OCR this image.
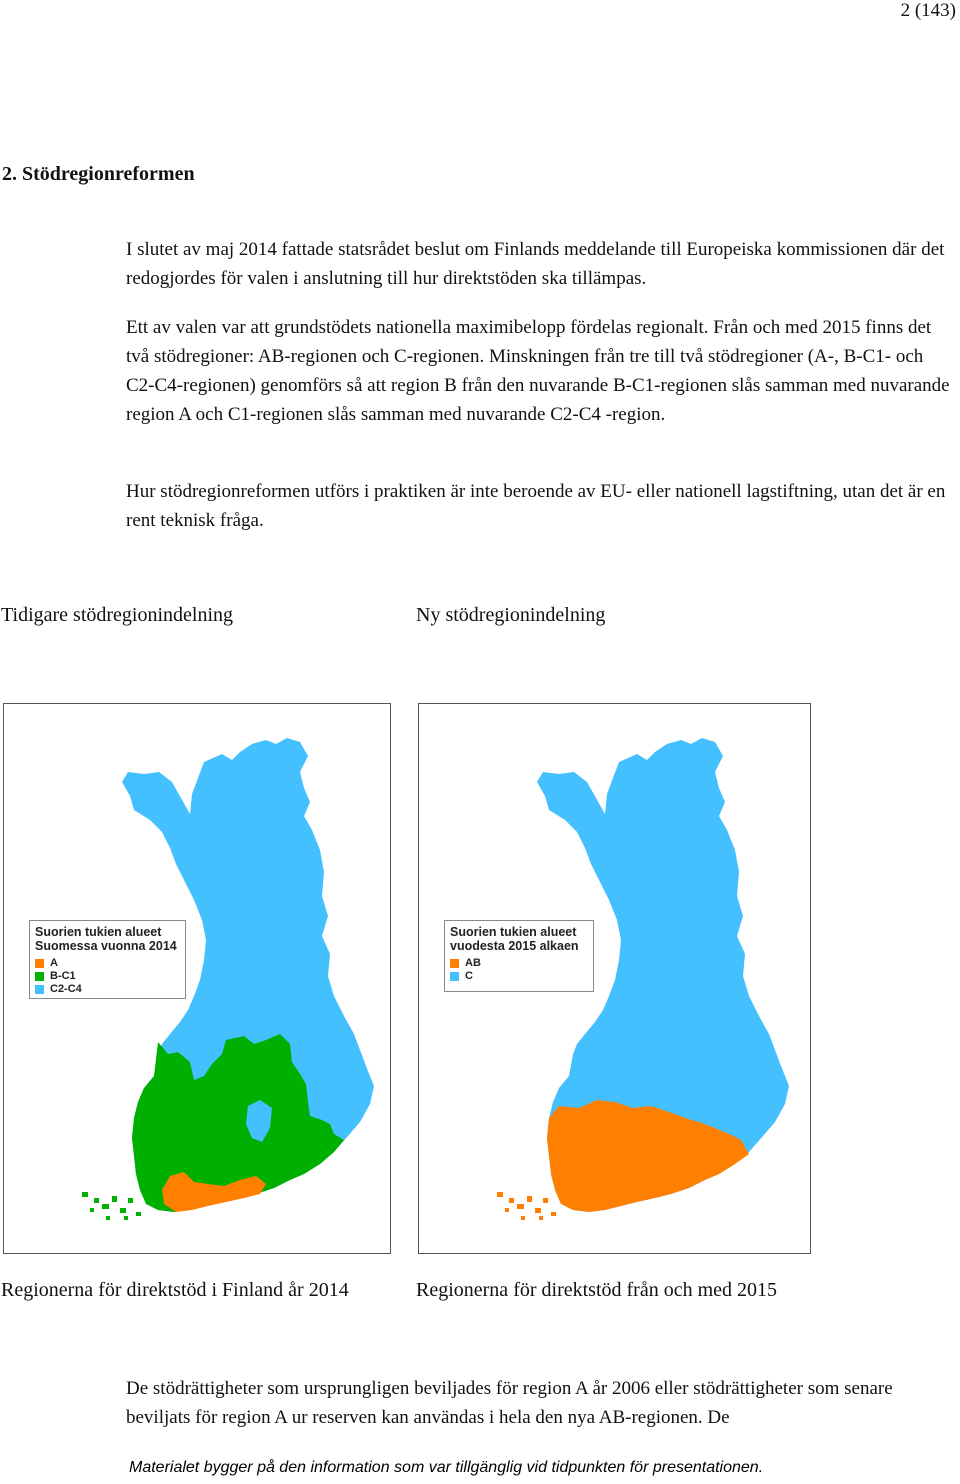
2 (143)
2. Stödregionreformen
I slutet av maj 2014 fattade statsrådet beslut om Finlands meddelande till Europeiska kommissionen där det redogjordes för valen i anslutning till hur direktstöden ska tillämpas.
Ett av valen var att grundstödets nationella maximibelopp fördelas regionalt. Från och med 2015 finns det två stödregioner: AB-regionen och C-regionen. Minskningen från tre till två stödregioner (A-, B-C1- och C2-C4-regionen) genomförs så att region B från den nuvarande B-C1-regionen slås samman med nuvarande region A och C1-regionen slås samman med nuvarande C2-C4 -region.
Hur stödregionreformen utförs i praktiken är inte beroende av EU- eller nationell lagstiftning, utan det är en rent teknisk fråga.
Tidigare stödregionindelning	Ny stödregionindelning
Suorien tukien alueet
Suomessa vuonna 2014
A
B-C1
C2-C4
Suorien tukien alueet
vuodesta 2015 alkaen
AB
C
Regionerna för direktstöd i Finland år 2014	Regionerna för direktstöd från och med 2015
De stödrättigheter som ursprungligen beviljades för region A år 2006 eller stödrättigheter som senare beviljats för region A ur reserven kan användas i hela den nya AB-regionen. De
Materialet bygger på den information som var tillgänglig vid tidpunkten för presentationen.
